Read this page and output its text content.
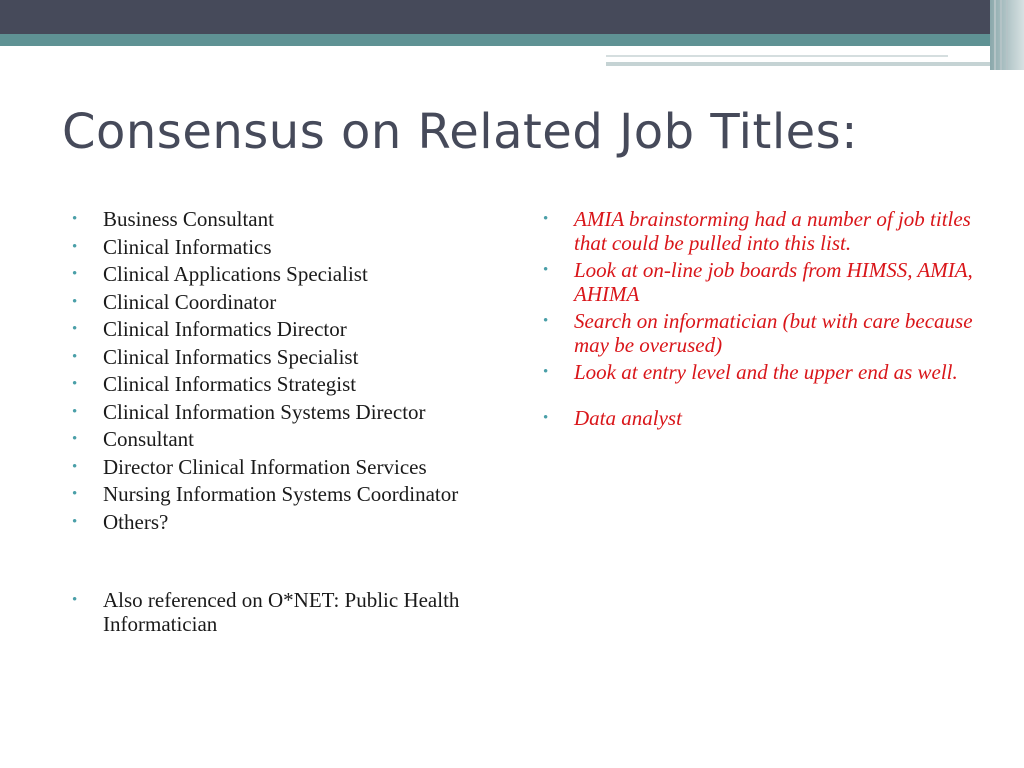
Consensus on Related Job Titles:
• Business Consultant
• Clinical Informatics
• Clinical Applications Specialist
• Clinical Coordinator
• Clinical Informatics Director
• Clinical Informatics Specialist
• Clinical Informatics Strategist
• Clinical Information Systems Director
• Consultant
• Director Clinical Information Services
• Nursing Information Systems Coordinator
• Others?
• Also referenced on O*NET: Public Health Informatician
• AMIA brainstorming had a number of job titles that could be pulled into this list.
• Look at on-line job boards from HIMSS, AMIA, AHIMA
• Search on informatician (but with care because may be overused)
• Look at entry level and the upper end as well.
• Data analyst
